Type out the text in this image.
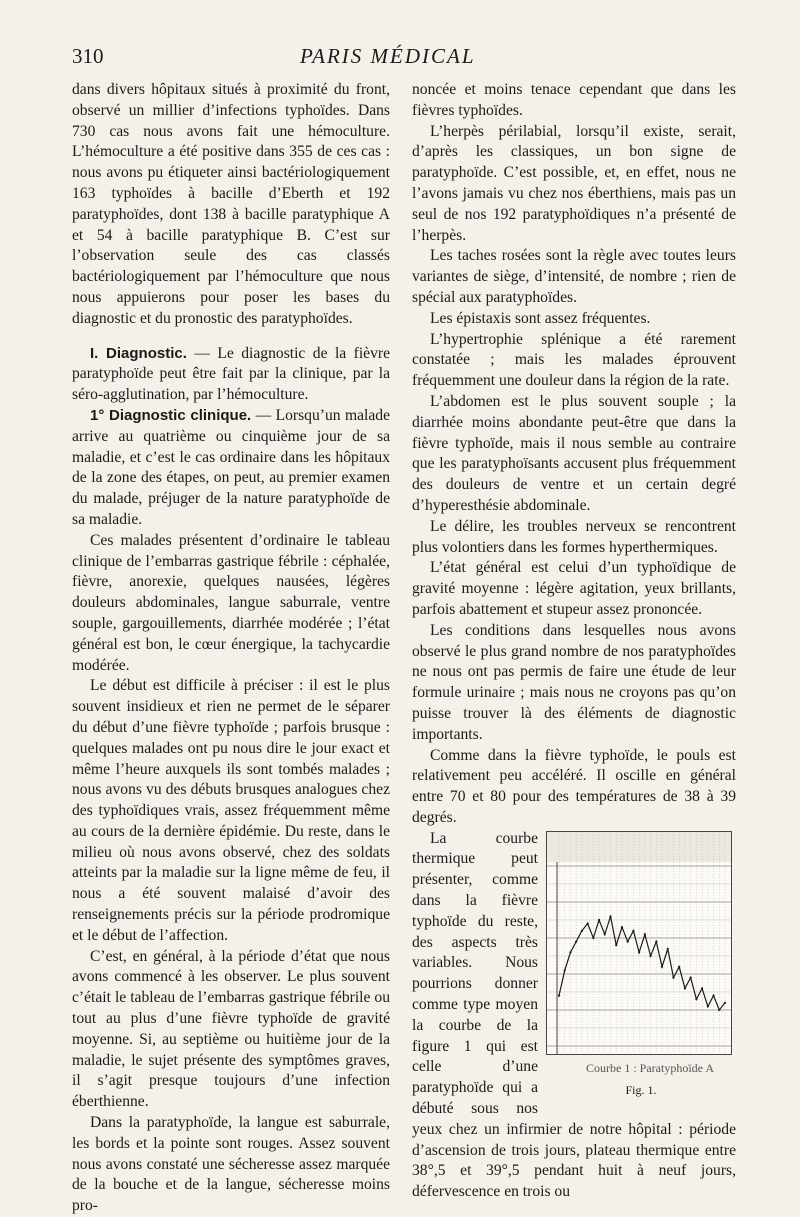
310	PARIS MÉDICAL

dans divers hôpitaux situés à proximité du front, observé un millier d’infections typhoïdes. Dans 730 cas nous avons fait une hémoculture. L’hémoculture a été positive dans 355 de ces cas : nous avons pu étiqueter ainsi bactériologiquement 163 typhoïdes à bacille d’Eberth et 192 paratyphoïdes, dont 138 à bacille paratyphique A et 54 à bacille paratyphique B. C’est sur l’observation seule des cas classés bactériologiquement par l’hémoculture que nous nous appuierons pour poser les bases du diagnostic et du pronostic des paratyphoïdes.

I. Diagnostic. — Le diagnostic de la fièvre paratyphoïde peut être fait par la clinique, par la séro-agglutination, par l’hémoculture.

1° Diagnostic clinique. — Lorsqu’un malade arrive au quatrième ou cinquième jour de sa maladie, et c’est le cas ordinaire dans les hôpitaux de la zone des étapes, on peut, au premier examen du malade, préjuger de la nature paratyphoïde de sa maladie.

Ces malades présentent d’ordinaire le tableau clinique de l’embarras gastrique fébrile : céphalée, fièvre, anorexie, quelques nausées, légères douleurs abdominales, langue saburrale, ventre souple, gargouillements, diarrhée modérée ; l’état général est bon, le cœur énergique, la tachycardie modérée.

Le début est difficile à préciser : il est le plus souvent insidieux et rien ne permet de le séparer du début d’une fièvre typhoïde ; parfois brusque : quelques malades ont pu nous dire le jour exact et même l’heure auxquels ils sont tombés malades ; nous avons vu des débuts brusques analogues chez des typhoïdiques vrais, assez fréquemment même au cours de la dernière épidémie. Du reste, dans le milieu où nous avons observé, chez des soldats atteints par la maladie sur la ligne même de feu, il nous a été souvent malaisé d’avoir des renseignements précis sur la période prodromique et le début de l’affection.

C’est, en général, à la période d’état que nous avons commencé à les observer. Le plus souvent c’était le tableau de l’embarras gastrique fébrile ou tout au plus d’une fièvre typhoïde de gravité moyenne. Si, au septième ou huitième jour de la maladie, le sujet présente des symptômes graves, il s’agit presque toujours d’une infection éberthienne.

Dans la paratyphoïde, la langue est saburrale, les bords et la pointe sont rouges. Assez souvent nous avons constaté une sécheresse assez marquée de la bouche et de la langue, sécheresse moins pro-

noncée et moins tenace cependant que dans les fièvres typhoïdes.

L’herpès périlabial, lorsqu’il existe, serait, d’après les classiques, un bon signe de paratyphoïde. C’est possible, et, en effet, nous ne l’avons jamais vu chez nos éberthiens, mais pas un seul de nos 192 paratyphoïdiques n’a présenté de l’herpès.

Les taches rosées sont la règle avec toutes leurs variantes de siège, d’intensité, de nombre ; rien de spécial aux paratyphoïdes.

Les épistaxis sont assez fréquentes.

L’hypertrophie splénique a été rarement constatée ; mais les malades éprouvent fréquemment une douleur dans la région de la rate.

L’abdomen est le plus souvent souple ; la diarrhée moins abondante peut-être que dans la fièvre typhoïde, mais il nous semble au contraire que les paratyphoïsants accusent plus fréquemment des douleurs de ventre et un certain degré d’hyperesthésie abdominale.

Le délire, les troubles nerveux se rencontrent plus volontiers dans les formes hyperthermiques.

L’état général est celui d’un typhoïdique de gravité moyenne : légère agitation, yeux brillants, parfois abattement et stupeur assez prononcée.

Les conditions dans lesquelles nous avons observé le plus grand nombre de nos paratyphoïdes ne nous ont pas permis de faire une étude de leur formule urinaire ; mais nous ne croyons pas qu’on puisse trouver là des éléments de diagnostic importants.

Comme dans la fièvre typhoïde, le pouls est relativement peu accéléré. Il oscille en général entre 70 et 80 pour des températures de 38 à 39 degrés.

Courbe 1 : Paratyphoïde A
Fig. 1.

La courbe thermique peut présenter, comme dans la fièvre typhoïde du reste, des aspects très variables. Nous pourrions donner comme type moyen la courbe de la figure 1 qui est celle d’une paratyphoïde qui a débuté sous nos yeux chez un infirmier de notre hôpital : période d’ascension de trois jours, plateau thermique entre 38°,5 et 39°,5 pendant huit à neuf jours, défervescence en trois ou
